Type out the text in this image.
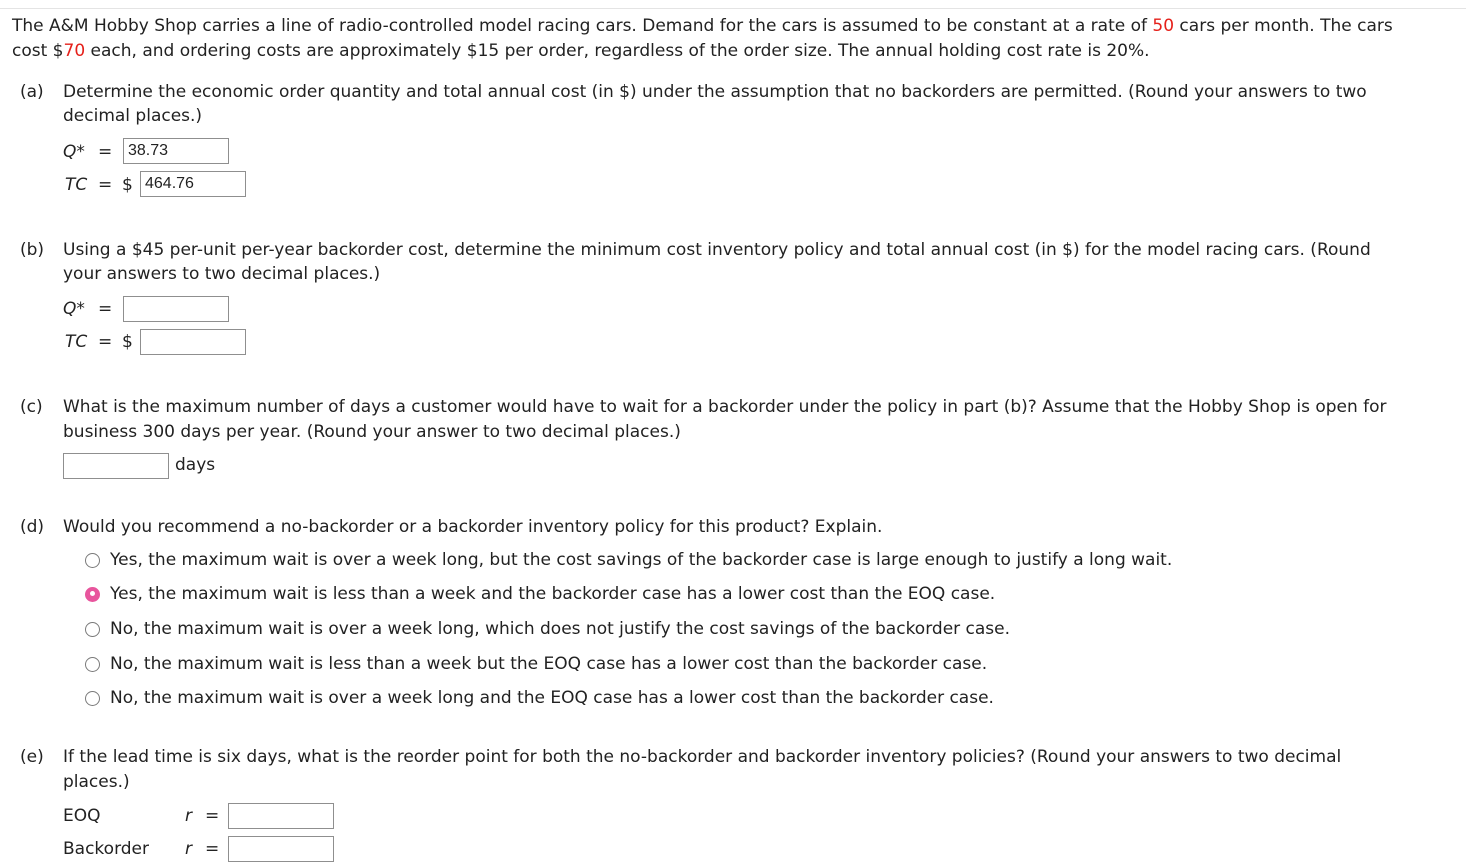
The A&M Hobby Shop carries a line of radio-controlled model racing cars. Demand for the cars is assumed to be constant at a rate of 50 cars per month. The cars
cost $70 each, and ordering costs are approximately $15 per order, regardless of the order size. The annual holding cost rate is 20%.
(a) Determine the economic order quantity and total annual cost (in $) under the assumption that no backorders are permitted. (Round your answers to two
decimal places.)
Q* = 38.73
TC = $ 464.76
(b) Using a $45 per-unit per-year backorder cost, determine the minimum cost inventory policy and total annual cost (in $) for the model racing cars. (Round
your answers to two decimal places.)
Q* =
TC = $
(c) What is the maximum number of days a customer would have to wait for a backorder under the policy in part (b)? Assume that the Hobby Shop is open for
business 300 days per year. (Round your answer to two decimal places.)
days
(d) Would you recommend a no-backorder or a backorder inventory policy for this product? Explain.
Yes, the maximum wait is over a week long, but the cost savings of the backorder case is large enough to justify a long wait.
Yes, the maximum wait is less than a week and the backorder case has a lower cost than the EOQ case.
No, the maximum wait is over a week long, which does not justify the cost savings of the backorder case.
No, the maximum wait is less than a week but the EOQ case has a lower cost than the backorder case.
No, the maximum wait is over a week long and the EOQ case has a lower cost than the backorder case.
(e) If the lead time is six days, what is the reorder point for both the no-backorder and backorder inventory policies? (Round your answers to two decimal
places.)
EOQ	r =
Backorder r =
